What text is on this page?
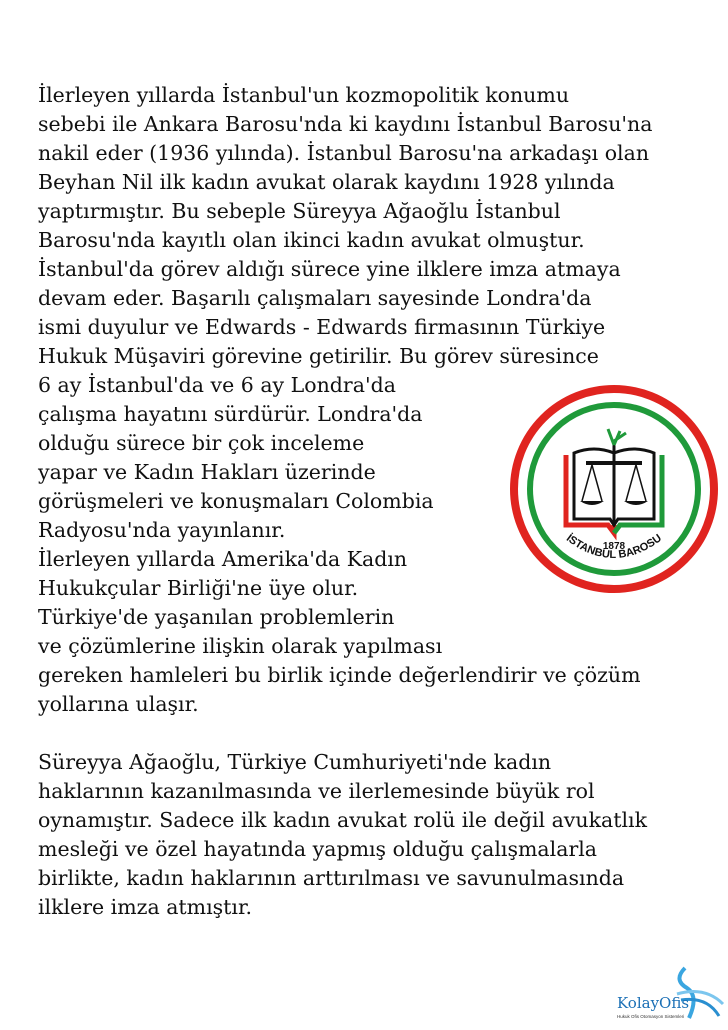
İlerleyen yıllarda İstanbul'un kozmopolitik konumu
sebebi ile Ankara Barosu'nda ki kaydını İstanbul Barosu'na
nakil eder (1936 yılında). İstanbul Barosu'na arkadaşı olan
Beyhan Nil ilk kadın avukat olarak kaydını 1928 yılında
yaptırmıştır. Bu sebeple Süreyya Ağaoğlu İstanbul
Barosu'nda kayıtlı olan ikinci kadın avukat olmuştur.
İstanbul'da görev aldığı sürece yine ilklere imza atmaya
devam eder. Başarılı çalışmaları sayesinde Londra'da
ismi duyulur ve Edwards - Edwards firmasının Türkiye
Hukuk Müşaviri görevine getirilir. Bu görev süresince
6 ay İstanbul'da ve 6 ay Londra'da
çalışma hayatını sürdürür. Londra'da
olduğu sürece bir çok inceleme
yapar ve Kadın Hakları üzerinde
görüşmeleri ve konuşmaları Colombia
Radyosu'nda yayınlanır.
İlerleyen yıllarda Amerika'da Kadın
Hukukçular Birliği'ne üye olur.
Türkiye'de yaşanılan problemlerin
ve çözümlerine ilişkin olarak yapılması
gereken hamleleri bu birlik içinde değerlendirir ve çözüm
yollarına ulaşır.
Süreyya Ağaoğlu, Türkiye Cumhuriyeti'nde kadın
haklarının kazanılmasında ve ilerlemesinde büyük rol
oynamıştır. Sadece ilk kadın avukat rolü ile değil avukatlık
mesleği ve özel hayatında yapmış olduğu çalışmalarla
birlikte, kadın haklarının arttırılması ve savunulmasında
ilklere imza atmıştır.
1878
İSTANBUL BAROSU
KolayOfis
Hukuk Ofis Otomasyon Sistemleri
